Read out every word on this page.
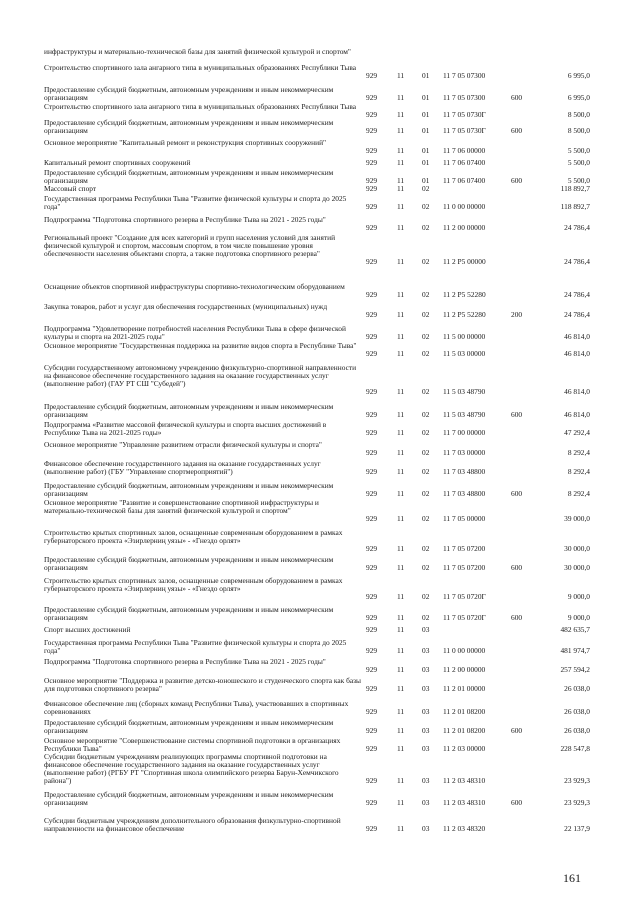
инфраструктуры и материально-технической базы для занятий физической культурой и спортом"
Строительство спортивного зала ангарного типа в муниципальных образованиях Республики Тыва
929	11	01	11 7 05 07300	6 995,0
Предоставление субсидий бюджетным, автономным учреждениям и иным некоммерческим организациям	929	11	01	11 7 05 07300	600	6 995,0
Строительство спортивного зала ангарного типа в муниципальных образованиях Республики Тыва
929	11	01	11 7 05 0730Г	8 500,0
Предоставление субсидий бюджетным, автономным учреждениям и иным некоммерческим организациям	929	11	01	11 7 05 0730Г	600	8 500,0
Основное мероприятие "Капитальный ремонт и реконструкция спортивных сооружений"
929	11	01	11 7 06 00000	5 500,0
Капитальный ремонт спортивных сооружений	929	11	01	11 7 06 07400	5 500,0
Предоставление субсидий бюджетным, автономным учреждениям и иным некоммерческим организациям	929	11	01	11 7 06 07400	600	5 500,0
Массовый спорт	929	11	02	118 892,7
Государственная программа Республики Тыва "Развитие физической культуры и спорта до 2025 года"	929	11	02	11 0 00 00000	118 892,7
Подпрограмма "Подготовка спортивного резерва в Республике Тыва на 2021 - 2025 годы"
929	11	02	11 2 00 00000	24 786,4
Региональный проект "Создание для всех категорий и групп населения условий для занятий физической культурой и спортом, массовым спортом, в том числе повышение уровня обеспеченности населения объектами спорта, а также подготовка спортивного резерва"
929	11	02	11 2 P5 00000	24 786,4
Оснащение объектов спортивной инфраструктуры спортивно-технологическим оборудованием
929	11	02	11 2 P5 52280	24 786,4
Закупка товаров, работ и услуг для обеспечения государственных (муниципальных) нужд
929	11	02	11 2 P5 52280	200	24 786,4
Подпрограмма "Удовлетворение потребностей населения Республики Тыва в сфере физической культуры и спорта на 2021-2025 годы"	929	11	02	11 5 00 00000	46 814,0
Основное мероприятие "Государственная поддержка на развитие видов спорта в Республике Тыва"
929	11	02	11 5 03 00000	46 814,0
Субсидии государственному автономному учреждению физкультурно-спортивной направленности на финансовое обеспечение государственного задания на оказание государственных услуг (выполнение работ) (ГАУ РТ СШ "Субедей")
929	11	02	11 5 03 48790	46 814,0
Предоставление субсидий бюджетным, автономным учреждениям и иным некоммерческим организациям	929	11	02	11 5 03 48790	600	46 814,0
Подпрограмма «Развитие массовой физической культуры и спорта высших достижений в Республике Тыва на 2021-2025 годы»	929	11	02	11 7 00 00000	47 292,4
Основное мероприятие "Управление развитием отрасли физической культуры и спорта"
929	11	02	11 7 03 00000	8 292,4
Финансовое обеспечение государственного задания на оказание государственных услуг (выполнение работ) (ГБУ "Управление спортмероприятий")	929	11	02	11 7 03 48800	8 292,4
Предоставление субсидий бюджетным, автономным учреждениям и иным некоммерческим организациям	929	11	02	11 7 03 48800	600	8 292,4
Основное мероприятие "Развитие и совершенствование спортивной инфраструктуры и материально-технической базы для занятий физической культурой и спортом"
929	11	02	11 7 05 00000	39 000,0
Строительство крытых спортивных залов, оснащенные современным оборудованием в рамках губернаторского проекта «Эзирлерниң уязы» - «Гнездо орлят»
929	11	02	11 7 05 07200	30 000,0
Предоставление субсидий бюджетным, автономным учреждениям и иным некоммерческим организациям	929	11	02	11 7 05 07200	600	30 000,0
Строительство крытых спортивных залов, оснащенные современным оборудованием в рамках губернаторского проекта «Эзирлерниң уязы» - «Гнездо орлят»
929	11	02	11 7 05 0720Г	9 000,0
Предоставление субсидий бюджетным, автономным учреждениям и иным некоммерческим организациям	929	11	02	11 7 05 0720Г	600	9 000,0
Спорт высших достижений	929	11	03	482 635,7
Государственная программа Республики Тыва "Развитие физической культуры и спорта до 2025 года"	929	11	03	11 0 00 00000	481 974,7
Подпрограмма "Подготовка спортивного резерва в Республике Тыва на 2021 - 2025 годы"
929	11	03	11 2 00 00000	257 594,2
Основное мероприятие "Поддержка и развитие детско-юношеского и студенческого спорта как базы для подготовки спортивного резерва"	929	11	03	11 2 01 00000	26 038,0
Финансовое обеспечение лиц (сборных команд Республики Тыва), участвовавших в спортивных соревнованиях	929	11	03	11 2 01 08200	26 038,0
Предоставление субсидий бюджетным, автономным учреждениям и иным некоммерческим организациям	929	11	03	11 2 01 08200	600	26 038,0
Основное мероприятие "Совершенствование системы спортивной подготовки в организациях Республики Тыва"	929	11	03	11 2 03 00000	228 547,8
Субсидии бюджетным учреждениям реализующих программы спортивной подготовки на финансовое обеспечение государственного задания на оказание государственных услуг (выполнение работ) (РГБУ РТ "Спортивная школа олимпийского резерва Барун-Хемчикского района")	929	11	03	11 2 03 48310	23 929,3
Предоставление субсидий бюджетным, автономным учреждениям и иным некоммерческим организациям	929	11	03	11 2 03 48310	600	23 929,3
Субсидии бюджетным учреждениям дополнительного образования физкультурно-спортивной направленности на финансовое обеспечение	929	11	03	11 2 03 48320	22 137,9
161
